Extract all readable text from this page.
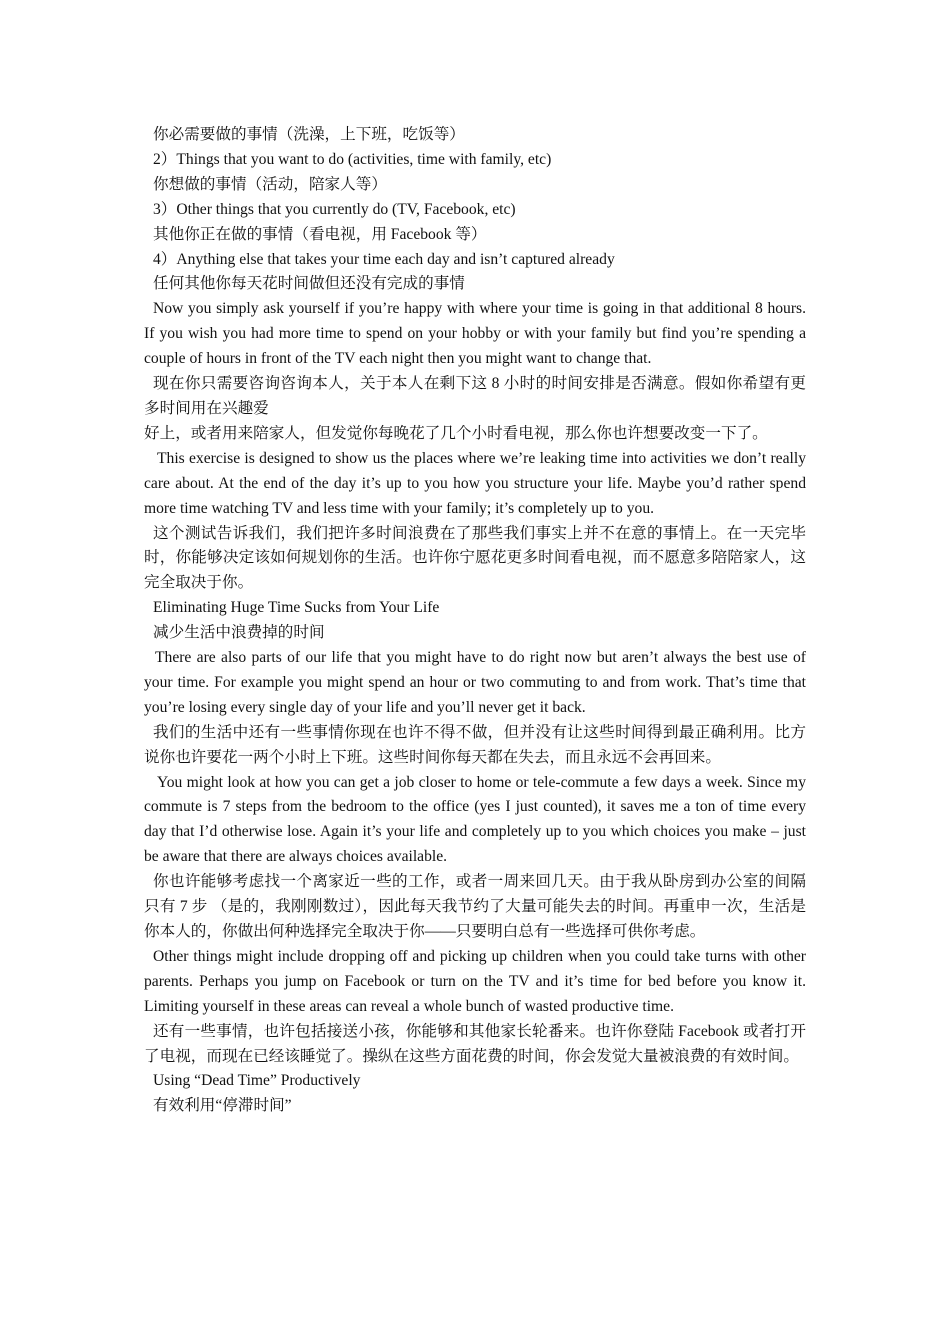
你必需要做的事情（洗澡，上下班，吃饭等）

2）Things that you want to do (activities, time with family, etc)

你想做的事情（活动，陪家人等）

3）Other things that you currently do (TV, Facebook, etc)

其他你正在做的事情（看电视，用 Facebook 等）

4）Anything else that takes your time each day and isn’t captured already

任何其他你每天花时间做但还没有完成的事情

Now you simply ask yourself if you’re happy with where your time is going in that additional 8 hours. If you wish you had more time to spend on your hobby or with your family but find you’re spending a couple of hours in front of the TV each night then you might want to change that.

现在你只需要咨询咨询本人，关于本人在剩下这 8 小时的时间安排是否满意。假如你希望有更多时间用在兴趣爱

好上，或者用来陪家人，但发觉你每晚花了几个小时看电视，那么你也许想要改变一下了。

This exercise is designed to show us the places where we’re leaking time into activities we don’t really care about. At the end of the day it’s up to you how you structure your life. Maybe you’d rather spend more time watching TV and less time with your family; it’s completely up to you.

这个测试告诉我们，我们把许多时间浪费在了那些我们事实上并不在意的事情上。在一天完毕时，你能够决定该如何规划你的生活。也许你宁愿花更多时间看电视，而不愿意多陪陪家人，这完全取决于你。

Eliminating Huge Time Sucks from Your Life

减少生活中浪费掉的时间

There are also parts of our life that you might have to do right now but aren’t always the best use of your time. For example you might spend an hour or two commuting to and from work. That’s time that you’re losing every single day of your life and you’ll never get it back.

我们的生活中还有一些事情你现在也许不得不做，但并没有让这些时间得到最正确利用。比方说你也许要花一两个小时上下班。这些时间你每天都在失去，而且永远不会再回来。

You might look at how you can get a job closer to home or tele-commute a few days a week. Since my commute is 7 steps from the bedroom to the office (yes I just counted), it saves me a ton of time every day that I’d otherwise lose. Again it’s your life and completely up to you which choices you make – just be aware that there are always choices available.

你也许能够考虑找一个离家近一些的工作，或者一周来回几天。由于我从卧房到办公室的间隔只有 7 步 （是的，我刚刚数过），因此每天我节约了大量可能失去的时间。再重申一次，生活是你本人的，你做出何种选择完全取决于你——只要明白总有一些选择可供你考虑。

Other things might include dropping off and picking up children when you could take turns with other parents. Perhaps you jump on Facebook or turn on the TV and it’s time for bed before you know it. Limiting yourself in these areas can reveal a whole bunch of wasted productive time.

还有一些事情，也许包括接送小孩，你能够和其他家长轮番来。也许你登陆 Facebook 或者打开了电视，而现在已经该睡觉了。操纵在这些方面花费的时间，你会发觉大量被浪费的有效时间。

Using “Dead Time” Productively

有效利用“停滞时间”
